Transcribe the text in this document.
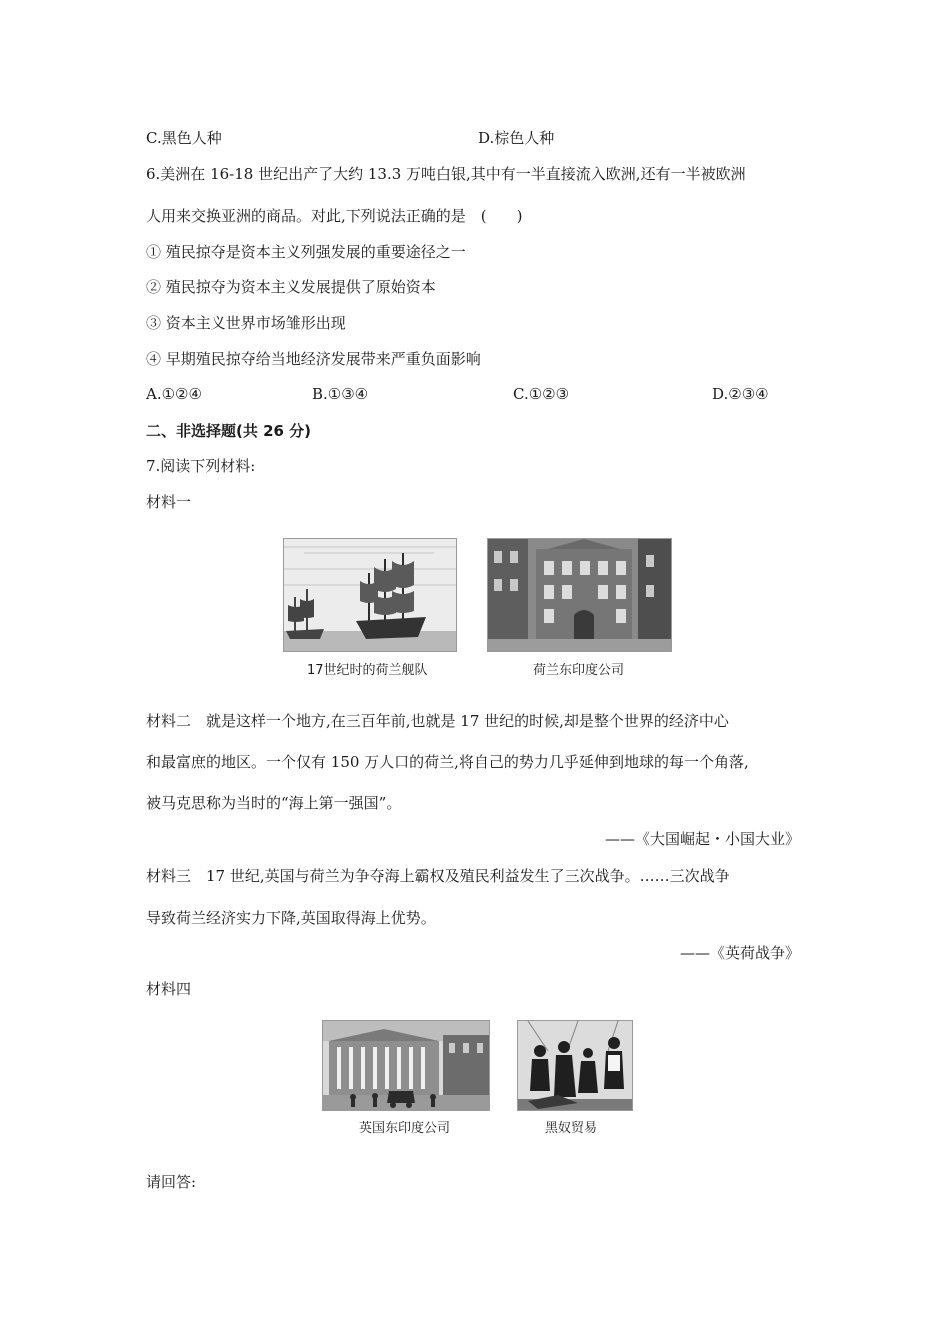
C.黑色人种	D.棕色人种
6.美洲在 16-18 世纪出产了大约 13.3 万吨白银,其中有一半直接流入欧洲,还有一半被欧洲
人用来交换亚洲的商品。对此,下列说法正确的是　(　　)
① 殖民掠夺是资本主义列强发展的重要途径之一
② 殖民掠夺为资本主义发展提供了原始资本
③ 资本主义世界市场雏形出现
④ 早期殖民掠夺给当地经济发展带来严重负面影响
A.①②④	B.①③④	C.①②③	D.②③④
二、非选择题(共 26 分)
7.阅读下列材料:
材料一
17世纪时的荷兰舰队	荷兰东印度公司
材料二　就是这样一个地方,在三百年前,也就是 17 世纪的时候,却是整个世界的经济中心
和最富庶的地区。一个仅有 150 万人口的荷兰,将自己的势力几乎延伸到地球的每一个角落,
被马克思称为当时的“海上第一强国”。
——《大国崛起・小国大业》
材料三　17 世纪,英国与荷兰为争夺海上霸权及殖民利益发生了三次战争。……三次战争
导致荷兰经济实力下降,英国取得海上优势。
——《英荷战争》
材料四
英国东印度公司	黑奴贸易
请回答:
